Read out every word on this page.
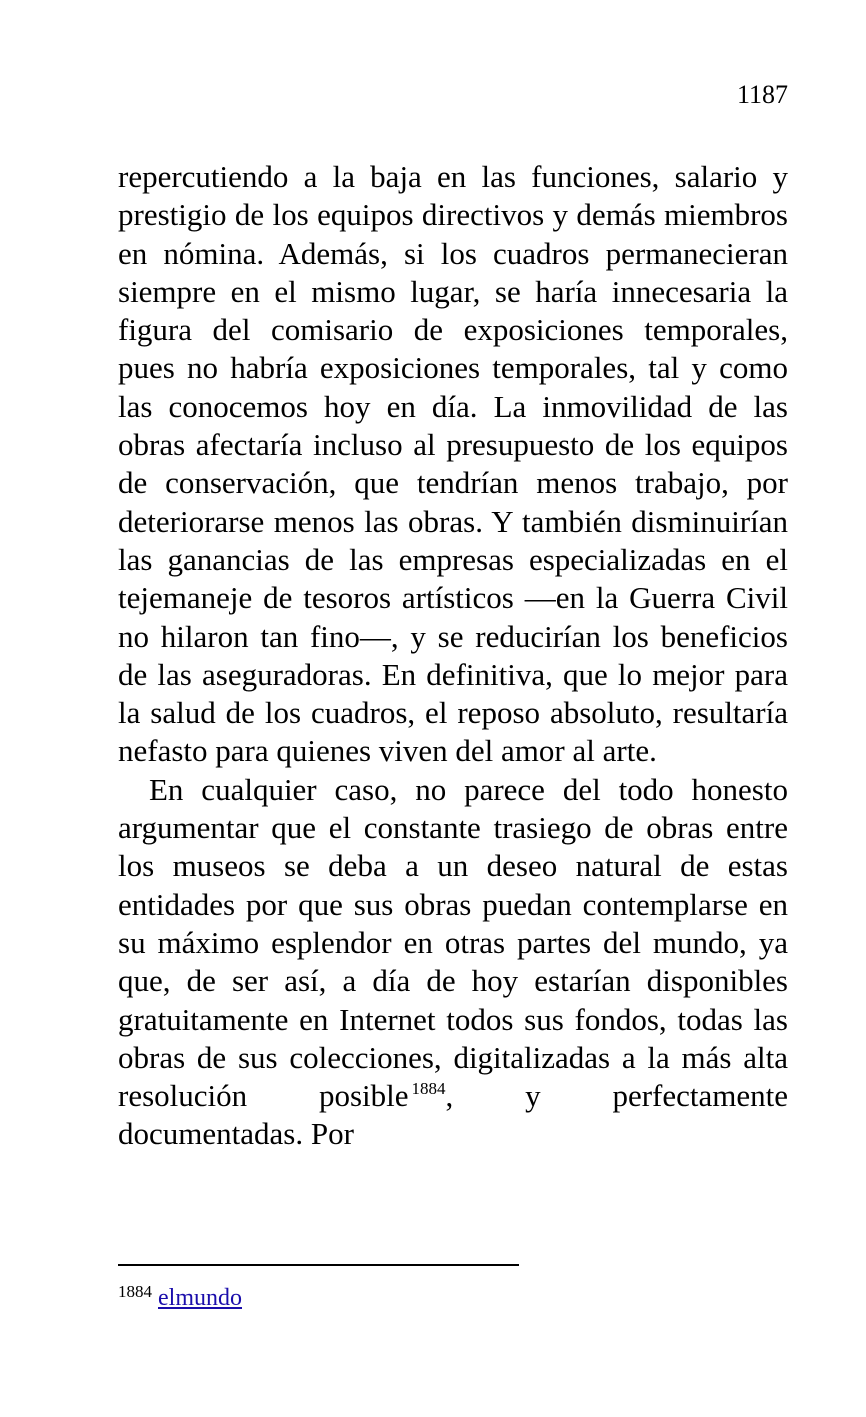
1187

repercutiendo a la baja en las funciones, salario y prestigio de los equipos directivos y demás miembros en nómina. Además, si los cuadros permanecieran siempre en el mismo lugar, se haría innecesaria la figura del comisario de exposiciones temporales, pues no habría exposiciones temporales, tal y como las conocemos hoy en día. La inmovilidad de las obras afectaría incluso al presupuesto de los equipos de conservación, que tendrían menos trabajo, por deteriorarse menos las obras. Y también disminuirían las ganancias de las empresas especializadas en el tejemaneje de tesoros artísticos —en la Guerra Civil no hilaron tan fino—, y se reducirían los beneficios de las aseguradoras. En definitiva, que lo mejor para la salud de los cuadros, el reposo absoluto, resultaría nefasto para quienes viven del amor al arte.

En cualquier caso, no parece del todo honesto argumentar que el constante trasiego de obras entre los museos se deba a un deseo natural de estas entidades por que sus obras puedan contemplarse en su máximo esplendor en otras partes del mundo, ya que, de ser así, a día de hoy estarían disponibles gratuitamente en Internet todos sus fondos, todas las obras de sus colecciones, digitalizadas a la más alta resolución posible $^{1884}$, y perfectamente documentadas. Por

$^{1884}$ elmundo
